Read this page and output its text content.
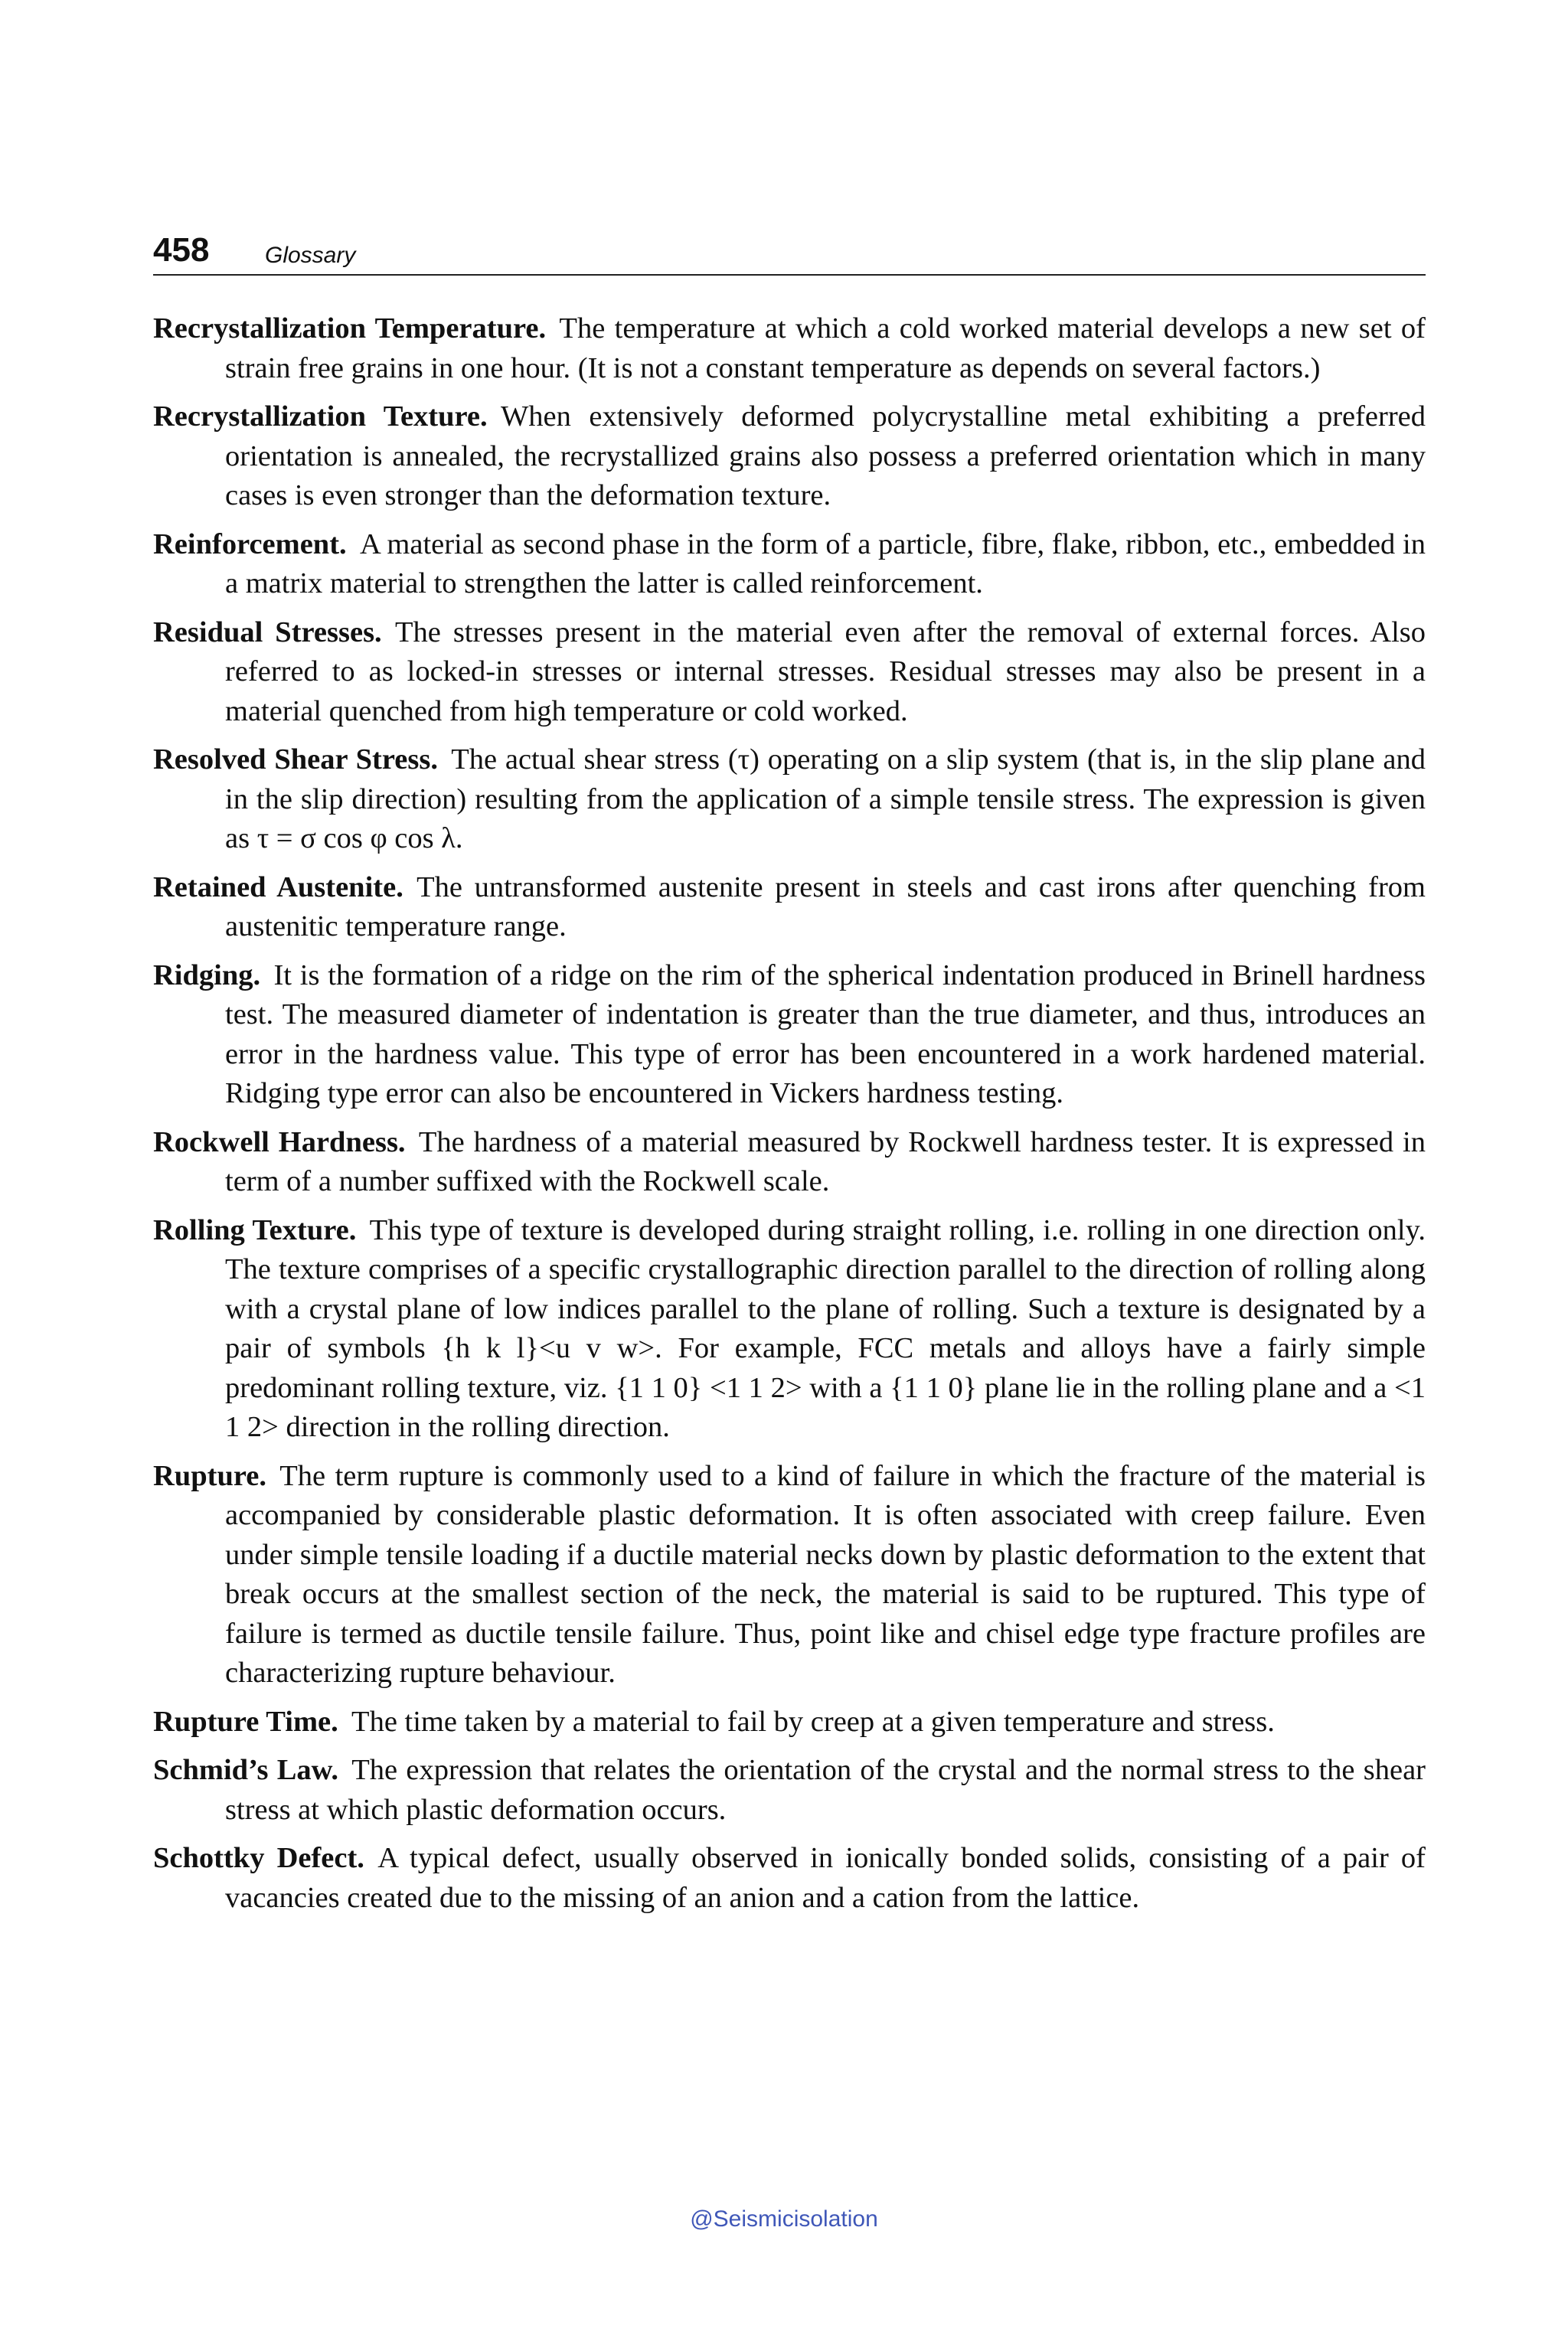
458 Glossary

Recrystallization Temperature. The temperature at which a cold worked material develops a new set of strain free grains in one hour. (It is not a constant temperature as depends on several factors.)

Recrystallization Texture. When extensively deformed polycrystalline metal exhibiting a preferred orientation is annealed, the recrystallized grains also possess a preferred orientation which in many cases is even stronger than the deformation texture.

Reinforcement. A material as second phase in the form of a particle, fibre, flake, ribbon, etc., embedded in a matrix material to strengthen the latter is called reinforcement.

Residual Stresses. The stresses present in the material even after the removal of external forces. Also referred to as locked-in stresses or internal stresses. Residual stresses may also be present in a material quenched from high temperature or cold worked.

Resolved Shear Stress. The actual shear stress (τ) operating on a slip system (that is, in the slip plane and in the slip direction) resulting from the application of a simple tensile stress. The expression is given as τ = σ cos φ cos λ.

Retained Austenite. The untransformed austenite present in steels and cast irons after quenching from austenitic temperature range.

Ridging. It is the formation of a ridge on the rim of the spherical indentation produced in Brinell hardness test. The measured diameter of indentation is greater than the true diameter, and thus, introduces an error in the hardness value. This type of error has been encountered in a work hardened material. Ridging type error can also be encountered in Vickers hardness testing.

Rockwell Hardness. The hardness of a material measured by Rockwell hardness tester. It is expressed in term of a number suffixed with the Rockwell scale.

Rolling Texture. This type of texture is developed during straight rolling, i.e. rolling in one direction only. The texture comprises of a specific crystallographic direction parallel to the direction of rolling along with a crystal plane of low indices parallel to the plane of rolling. Such a texture is designated by a pair of symbols {h k l}<u v w>. For example, FCC metals and alloys have a fairly simple predominant rolling texture, viz. {1 1 0} <1 1 2> with a {1 1 0} plane lie in the rolling plane and a <1 1 2> direction in the rolling direction.

Rupture. The term rupture is commonly used to a kind of failure in which the fracture of the material is accompanied by considerable plastic deformation. It is often associated with creep failure. Even under simple tensile loading if a ductile material necks down by plastic deformation to the extent that break occurs at the smallest section of the neck, the material is said to be ruptured. This type of failure is termed as ductile tensile failure. Thus, point like and chisel edge type fracture profiles are characterizing rupture behaviour.

Rupture Time. The time taken by a material to fail by creep at a given temperature and stress.

Schmid’s Law. The expression that relates the orientation of the crystal and the normal stress to the shear stress at which plastic deformation occurs.

Schottky Defect. A typical defect, usually observed in ionically bonded solids, consisting of a pair of vacancies created due to the missing of an anion and a cation from the lattice.

@Seismicisolation
